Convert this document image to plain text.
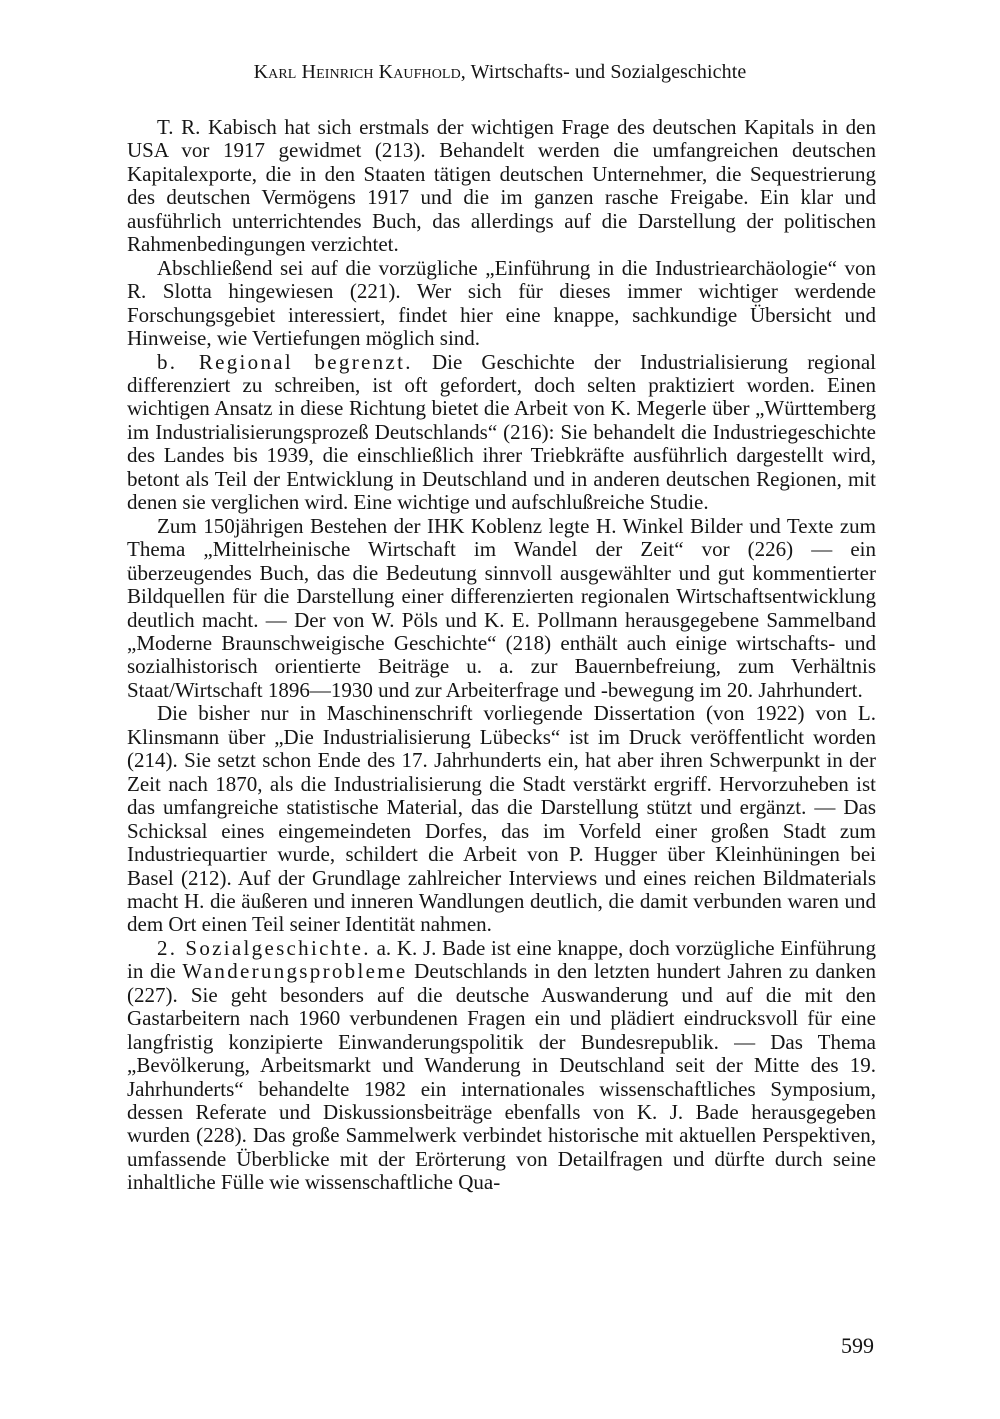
Karl Heinrich Kaufhold, Wirtschafts- und Sozialgeschichte

T. R. Kabisch hat sich erstmals der wichtigen Frage des deutschen Kapitals in den USA vor 1917 gewidmet (213). Behandelt werden die umfangreichen deutschen Kapitalexporte, die in den Staaten tätigen deutschen Unternehmer, die Sequestrierung des deutschen Vermögens 1917 und die im ganzen rasche Freigabe. Ein klar und ausführlich unterrichtendes Buch, das allerdings auf die Darstellung der politischen Rahmenbedingungen verzichtet.

Abschließend sei auf die vorzügliche „Einführung in die Industriearchäologie“ von R. Slotta hingewiesen (221). Wer sich für dieses immer wichtiger werdende Forschungsgebiet interessiert, findet hier eine knappe, sachkundige Übersicht und Hinweise, wie Vertiefungen möglich sind.

b. Regional begrenzt. Die Geschichte der Industrialisierung regional differenziert zu schreiben, ist oft gefordert, doch selten praktiziert worden. Einen wichtigen Ansatz in diese Richtung bietet die Arbeit von K. Megerle über „Württemberg im Industrialisierungsprozeß Deutschlands“ (216): Sie behandelt die Industriegeschichte des Landes bis 1939, die einschließlich ihrer Triebkräfte ausführlich dargestellt wird, betont als Teil der Entwicklung in Deutschland und in anderen deutschen Regionen, mit denen sie verglichen wird. Eine wichtige und aufschlußreiche Studie.

Zum 150jährigen Bestehen der IHK Koblenz legte H. Winkel Bilder und Texte zum Thema „Mittelrheinische Wirtschaft im Wandel der Zeit“ vor (226) — ein überzeugendes Buch, das die Bedeutung sinnvoll ausgewählter und gut kommentierter Bildquellen für die Darstellung einer differenzierten regionalen Wirtschaftsentwicklung deutlich macht. — Der von W. Pöls und K. E. Pollmann herausgegebene Sammelband „Moderne Braunschweigische Geschichte“ (218) enthält auch einige wirtschafts- und sozialhistorisch orientierte Beiträge u. a. zur Bauernbefreiung, zum Verhältnis Staat/Wirtschaft 1896—1930 und zur Arbeiterfrage und -bewegung im 20. Jahrhundert.

Die bisher nur in Maschinenschrift vorliegende Dissertation (von 1922) von L. Klinsmann über „Die Industrialisierung Lübecks“ ist im Druck veröffentlicht worden (214). Sie setzt schon Ende des 17. Jahrhunderts ein, hat aber ihren Schwerpunkt in der Zeit nach 1870, als die Industrialisierung die Stadt verstärkt ergriff. Hervorzuheben ist das umfangreiche statistische Material, das die Darstellung stützt und ergänzt. — Das Schicksal eines eingemeindeten Dorfes, das im Vorfeld einer großen Stadt zum Industriequartier wurde, schildert die Arbeit von P. Hugger über Kleinhüningen bei Basel (212). Auf der Grundlage zahlreicher Interviews und eines reichen Bildmaterials macht H. die äußeren und inneren Wandlungen deutlich, die damit verbunden waren und dem Ort einen Teil seiner Identität nahmen.

2. Sozialgeschichte. a. K. J. Bade ist eine knappe, doch vorzügliche Einführung in die Wanderungsprobleme Deutschlands in den letzten hundert Jahren zu danken (227). Sie geht besonders auf die deutsche Auswanderung und auf die mit den Gastarbeitern nach 1960 verbundenen Fragen ein und plädiert eindrucksvoll für eine langfristig konzipierte Einwanderungspolitik der Bundesrepublik. — Das Thema „Bevölkerung, Arbeitsmarkt und Wanderung in Deutschland seit der Mitte des 19. Jahrhunderts“ behandelte 1982 ein internationales wissenschaftliches Symposium, dessen Referate und Diskussionsbeiträge ebenfalls von K. J. Bade herausgegeben wurden (228). Das große Sammelwerk verbindet historische mit aktuellen Perspektiven, umfassende Überblicke mit der Erörterung von Detailfragen und dürfte durch seine inhaltliche Fülle wie wissenschaftliche Qua-

599
